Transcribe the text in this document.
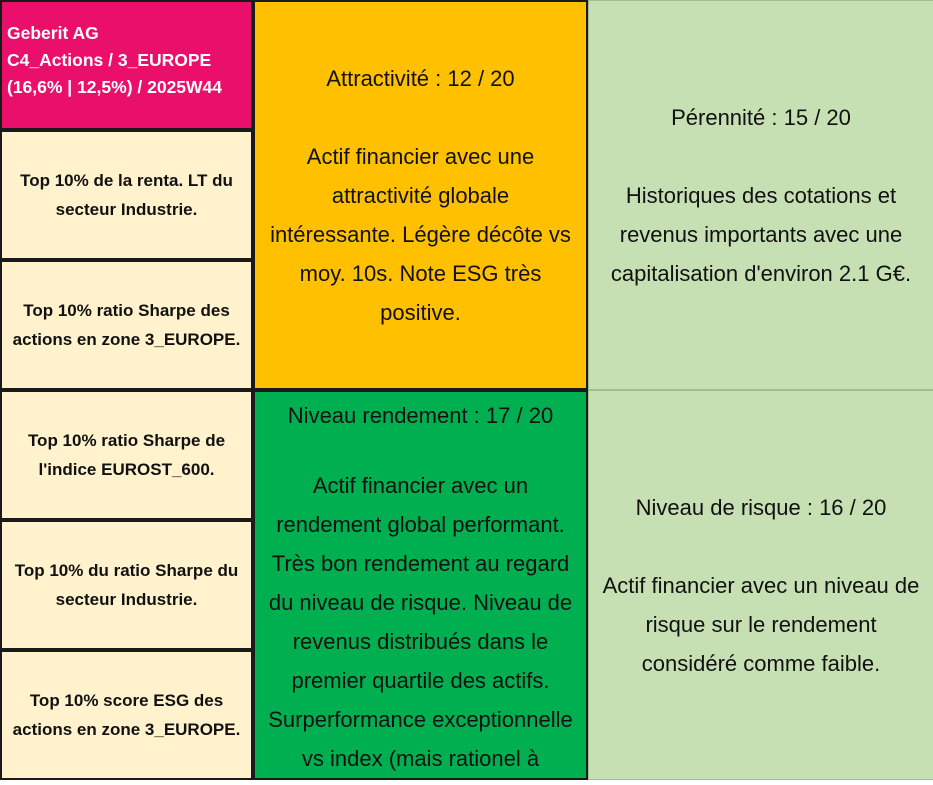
Geberit AG
C4_Actions / 3_EUROPE
(16,6% | 12,5%) / 2025W44
Top 10% de la renta. LT du
secteur Industrie.
Top 10% ratio Sharpe des
actions en zone 3_EUROPE.
Top 10% ratio Sharpe de
l'indice EUROST_600.
Top 10% du ratio Sharpe du
secteur Industrie.
Top 10% score ESG des
actions en zone 3_EUROPE.
Attractivité : 12 / 20
Actif financier avec une
attractivité globale
intéressante. Légère décôte vs
moy. 10s. Note ESG très
positive.
Pérennité : 15 / 20
Historiques des cotations et
revenus importants avec une
capitalisation d'environ 2.1 G€.
Niveau rendement : 17 / 20
Actif financier avec un
rendement global performant.
Très bon rendement au regard
du niveau de risque. Niveau de
revenus distribués dans le
premier quartile des actifs.
Surperformance exceptionnelle
vs index (mais rationel à
Niveau de risque : 16 / 20
Actif financier avec un niveau de
risque sur le rendement
considéré comme faible.
